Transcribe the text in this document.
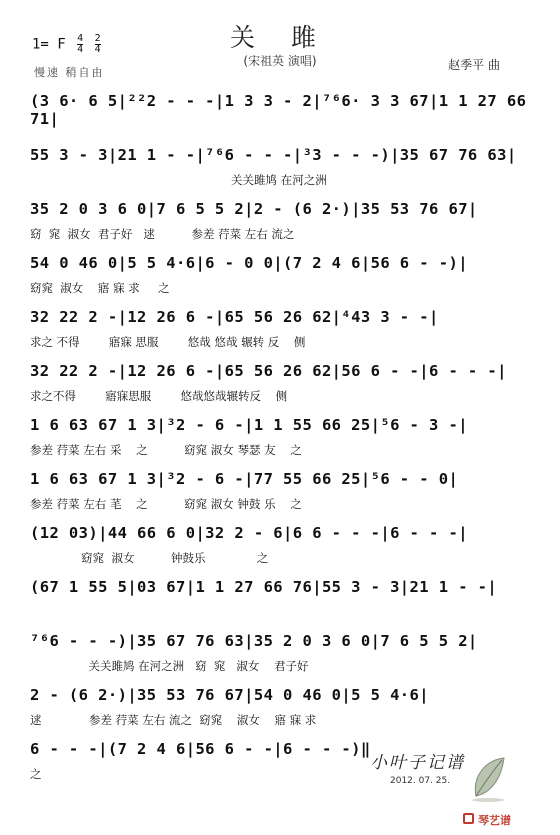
关 雎
(宋祖英 演唱)
1= F $\frac{4}{4}$
$\frac{2}{4}$
慢速 稍自由
赵季平 曲
(3 6· 6 5|²²2 - - -|1 3 3 - 2|⁷⁶6· 3 3 67|1 1 27 66 71|
55 3 - 3|21 1 - -|⁷⁶6 - - -|³3 - - -)|35 67 76 63|
关关雎鸠 在河之洲
35 2 0 3 6 0|7 6 5 5 2|2 - (6 2·)|35 53 76 67|
窈  窕  淑女  君子好   逑          参差 荇菜 左右 流之
54 0 46 0|5 5 4·6|6 - 0 0|(7 2 4 6|56 6 - -)|
窈窕  淑女    寤 寐 求     之
32 22 2 -|12 26 6 -|65 56 26 62|⁴43 3 - -|
求之 不得        寤寐 思服        悠哉 悠哉 辗转 反    侧
32 22 2 -|12 26 6 -|65 56 26 62|56 6 - -|6 - - -|
求之不得        寤寐思服        悠哉悠哉辗转反    侧
1 6 63 67 1 3|³2 - 6 -|1 1 55 66 25|⁵6 - 3 -|
参差 荇菜 左右 采    之          窈窕 淑女 琴瑟 友    之
1 6 63 67 1 3|³2 - 6 -|77 55 66 25|⁵6 - - 0|
参差 荇菜 左右 芼    之          窈窕 淑女 钟鼓 乐    之
(12 03)|44 66 6 0|32 2 - 6|6 6 - - -|6 - - -|
窈窕  淑女          钟鼓乐              之
(67 1 55 5|03 67|1 1 27 66 76|55 3 - 3|21 1 - -|
⁷⁶6 - - -)|35 67 76 63|35 2 0 3 6 0|7 6 5 5 2|
关关雎鸠 在河之洲   窈  窕   淑女    君子好
2 - (6 2·)|35 53 76 67|54 0 46 0|5 5 4·6|
逑             参差 荇菜 左右 流之  窈窕    淑女    寤 寐 求
6 - - -|(7 2 4 6|56 6 - -|6 - - -)‖
之
小叶子记谱
2012. 07. 25.
琴艺谱
